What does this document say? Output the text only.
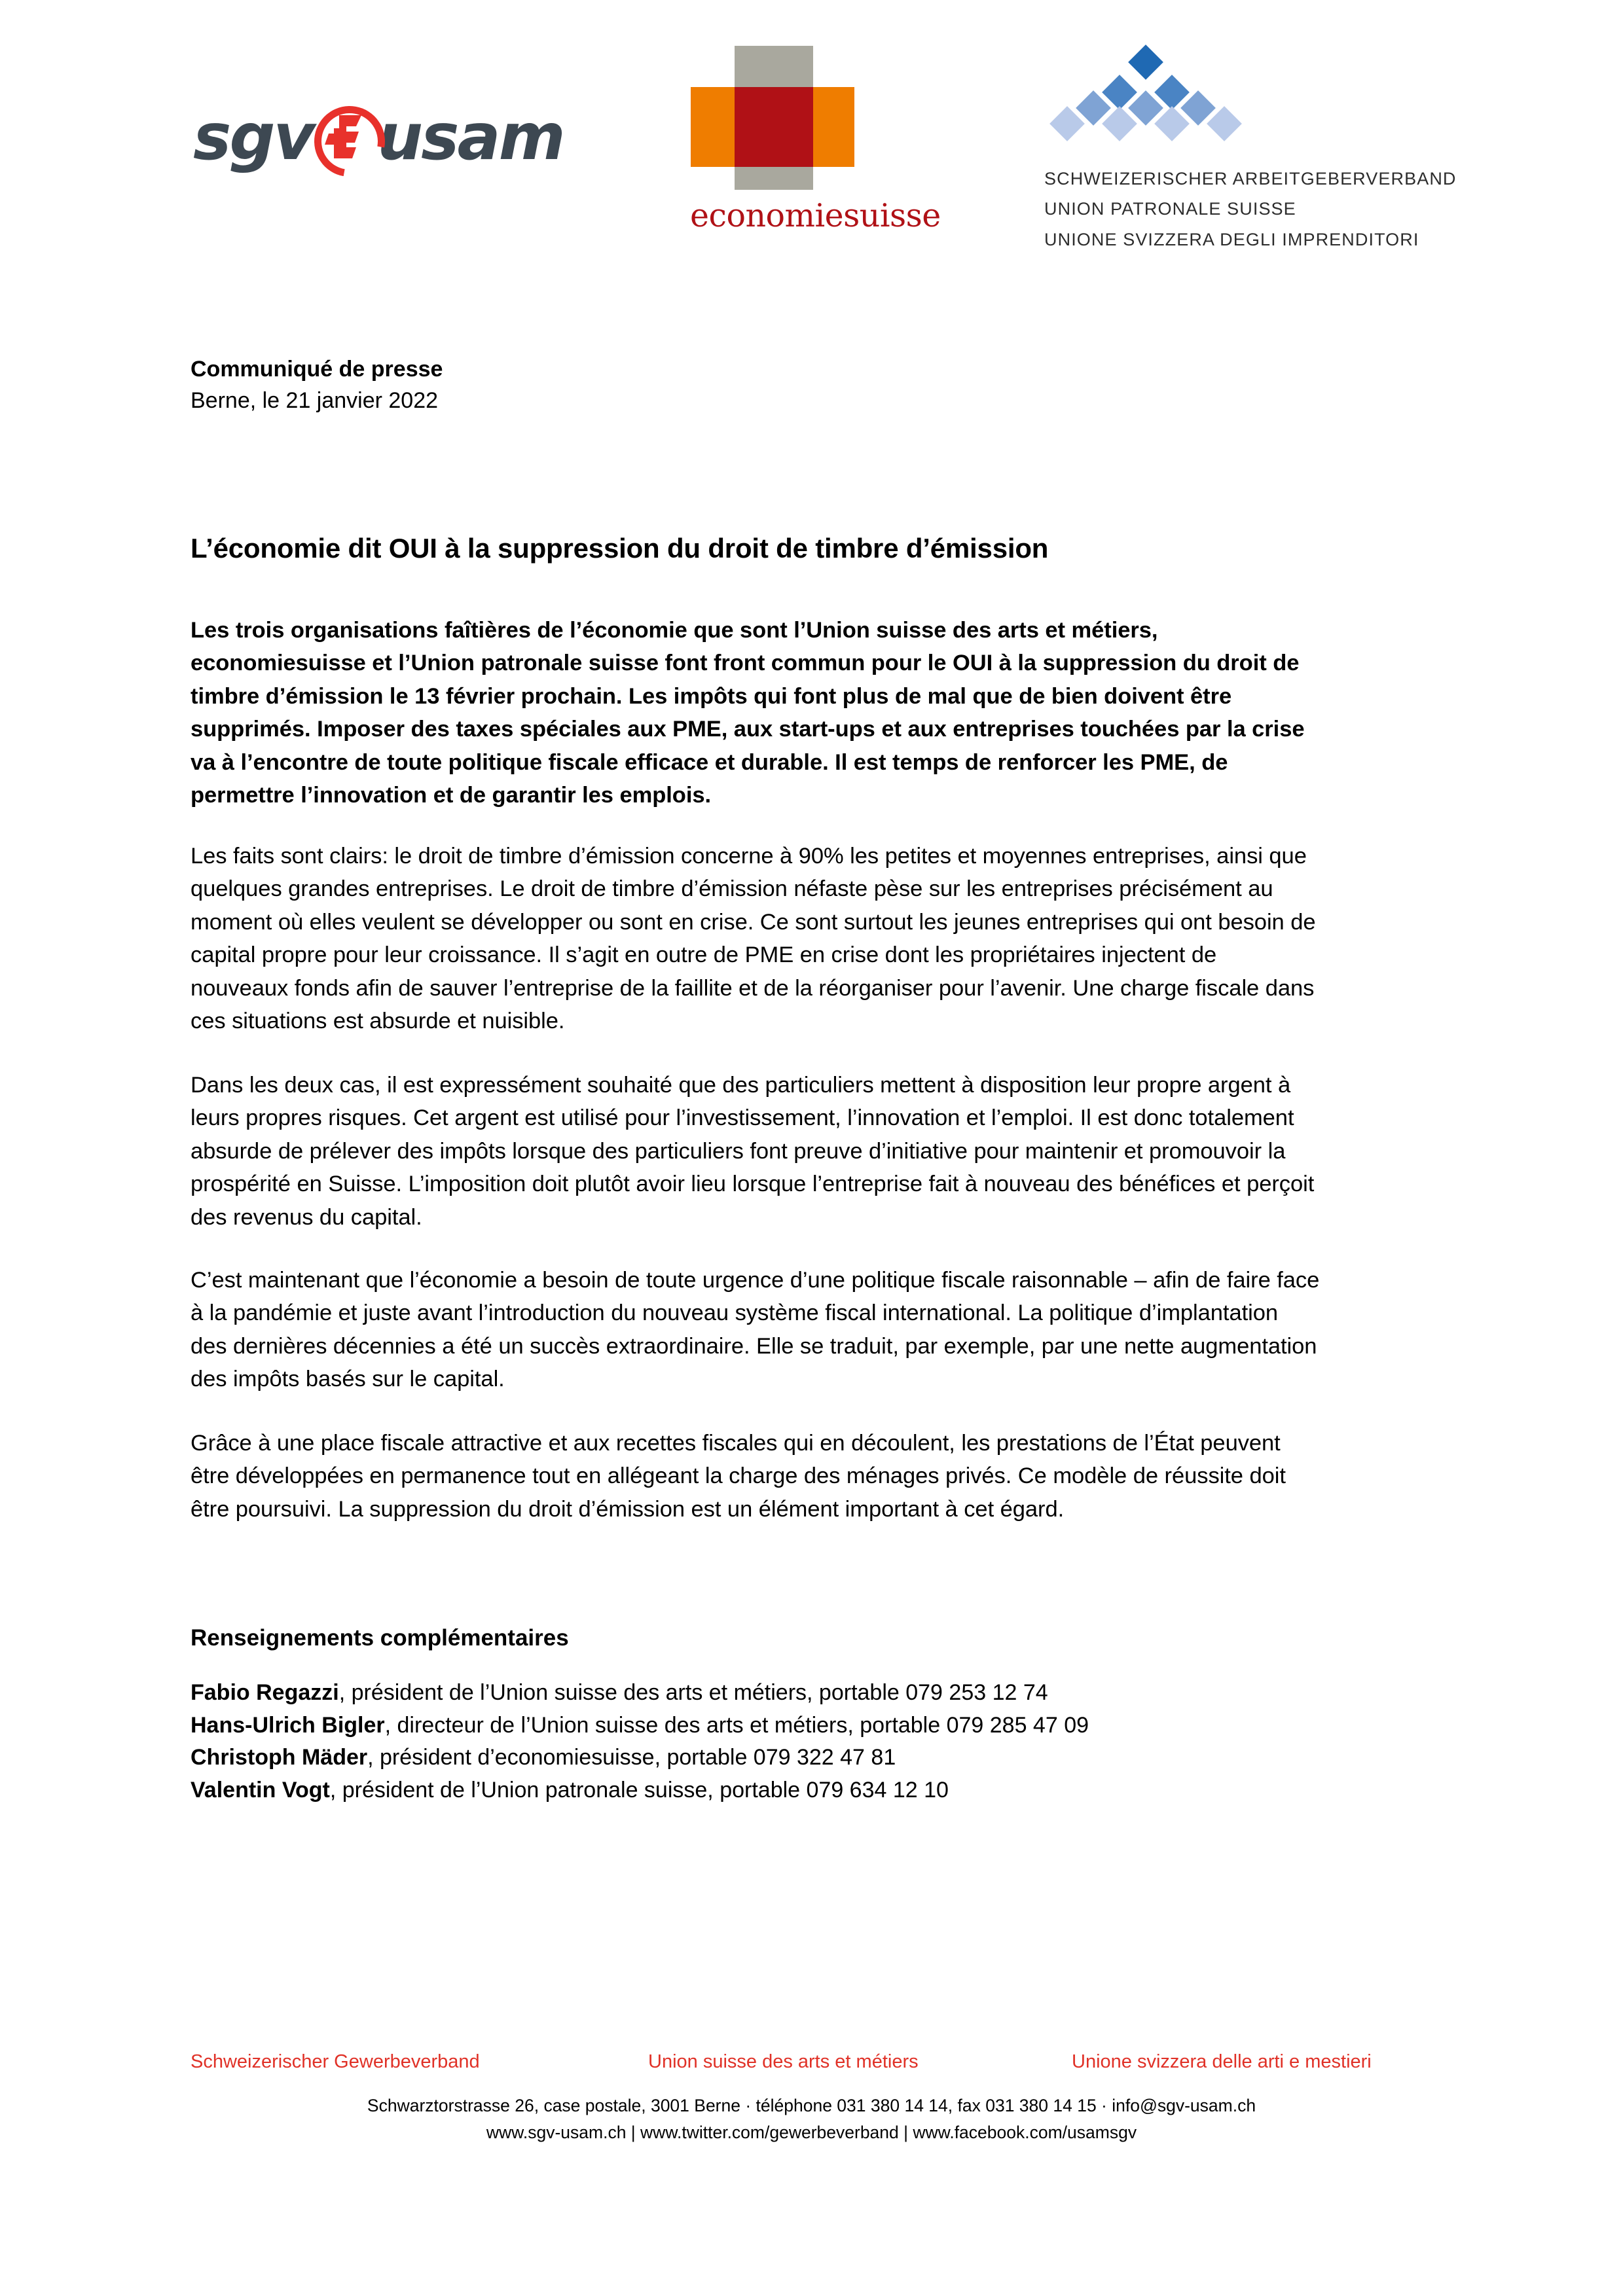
sgv usam
economiesuisse
SCHWEIZERISCHER ARBEITGEBERVERBAND
UNION PATRONALE SUISSE
UNIONE SVIZZERA DEGLI IMPRENDITORI
Communiqué de presse
Berne, le 21 janvier 2022
L’économie dit OUI à la suppression du droit de timbre d’émission

Les trois organisations faîtières de l’économie que sont l’Union suisse des arts et métiers, economiesuisse et l’Union patronale suisse font front commun pour le OUI à la suppression du droit de timbre d’émission le 13 février prochain. Les impôts qui font plus de mal que de bien doivent être supprimés. Imposer des taxes spéciales aux PME, aux start-ups et aux entreprises touchées par la crise va à l’encontre de toute politique fiscale efficace et durable. Il est temps de renforcer les PME, de permettre l’innovation et de garantir les emplois.

Les faits sont clairs: le droit de timbre d’émission concerne à 90% les petites et moyennes entreprises, ainsi que quelques grandes entreprises. Le droit de timbre d’émission néfaste pèse sur les entreprises précisément au moment où elles veulent se développer ou sont en crise. Ce sont surtout les jeunes entreprises qui ont besoin de capital propre pour leur croissance. Il s’agit en outre de PME en crise dont les propriétaires injectent de nouveaux fonds afin de sauver l’entreprise de la faillite et de la réorganiser pour l’avenir. Une charge fiscale dans ces situations est absurde et nuisible.

Dans les deux cas, il est expressément souhaité que des particuliers mettent à disposition leur propre argent à leurs propres risques. Cet argent est utilisé pour l’investissement, l’innovation et l’emploi. Il est donc totalement absurde de prélever des impôts lorsque des particuliers font preuve d’initiative pour maintenir et promouvoir la prospérité en Suisse. L’imposition doit plutôt avoir lieu lorsque l’entreprise fait à nouveau des bénéfices et perçoit des revenus du capital.

C’est maintenant que l’économie a besoin de toute urgence d’une politique fiscale raisonnable – afin de faire face à la pandémie et juste avant l’introduction du nouveau système fiscal international. La politique d’implantation des dernières décennies a été un succès extraordinaire. Elle se traduit, par exemple, par une nette augmentation des impôts basés sur le capital.

Grâce à une place fiscale attractive et aux recettes fiscales qui en découlent, les prestations de l’État peuvent être développées en permanence tout en allégeant la charge des ménages privés. Ce modèle de réussite doit être poursuivi. La suppression du droit d’émission est un élément important à cet égard.

Renseignements complémentaires
Fabio Regazzi, président de l’Union suisse des arts et métiers, portable 079 253 12 74
Hans-Ulrich Bigler, directeur de l’Union suisse des arts et métiers, portable 079 285 47 09
Christoph Mäder, président d’economiesuisse, portable 079 322 47 81
Valentin Vogt, président de l’Union patronale suisse, portable 079 634 12 10
Schweizerischer Gewerbeverband	Union suisse des arts et métiers	Unione svizzera delle arti e mestieri
Schwarztorstrasse 26, case postale, 3001 Berne · téléphone 031 380 14 14, fax 031 380 14 15 · info@sgv-usam.ch
www.sgv-usam.ch | www.twitter.com/gewerbeverband | www.facebook.com/usamsgv
